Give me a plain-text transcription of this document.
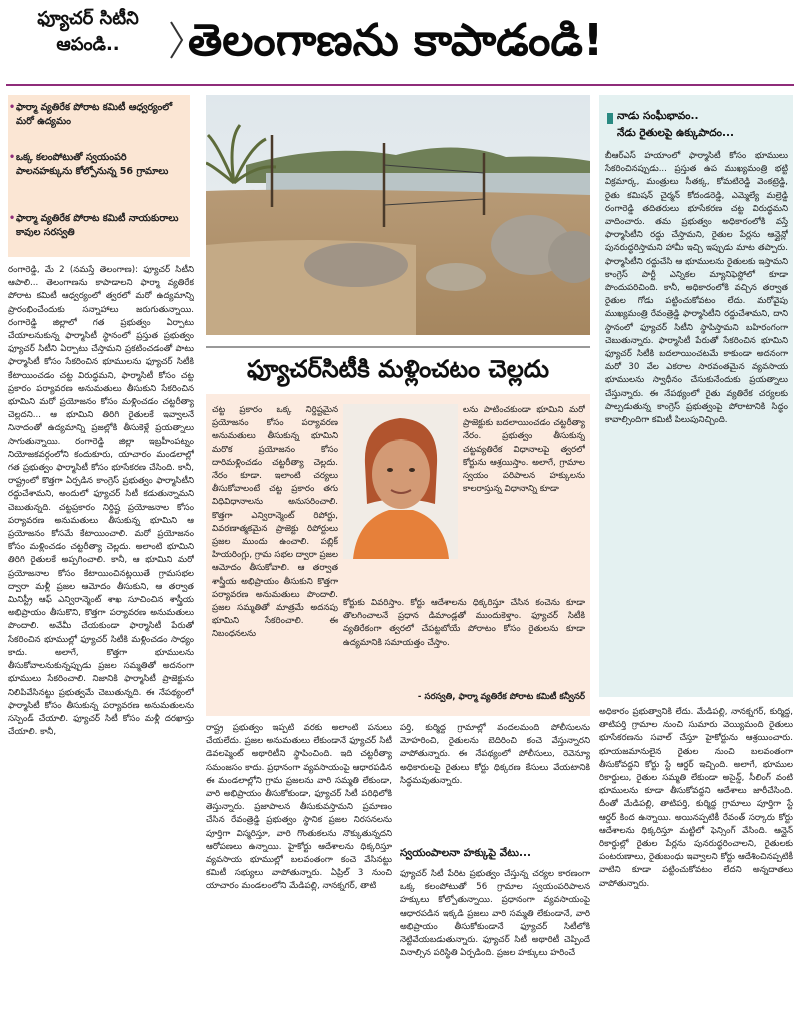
ఫ్యూచర్ సిటీని
ఆపండి..	తెలంగాణను కాపాడండి!
• ఫార్మా వ్యతిరేక పోరాట కమిటీ ఆధ్వర్యంలో మరో ఉద్యమం
• ఒక్క కలంపోటుతో స్వయంపరి పాలనహక్కును కోల్పోనున్న 56 గ్రామాలు
• ఫార్మా వ్యతిరేక పోరాట కమిటీ నాయకురాలు కావుల సరస్వతి
రంగారెడ్డి, మే 2 (నమస్తే తెలంగాణ): ఫ్యూచర్ సిటీని ఆపాలి... తెలంగాణను కాపాడాలని ఫార్మా వ్యతిరేక పోరాట కమిటీ ఆధ్వర్యంలో త్వరలో మరో ఉద్యమాన్ని ప్రారంభించేందుకు సన్నాహాలు జరుగుతున్నాయి. రంగారెడ్డి జిల్లాలో గత ప్రభుత్వం ఏర్పాటు చేయాలనుకున్న ఫార్మాసిటీ స్థానంలో ప్రస్తుత ప్రభుత్వం ఫ్యూచర్ సిటీని ఏర్పాటు చేస్తామని ప్రకటించడంతో పాటు ఫార్మాసిటీ కోసం సేకరించిన భూములను ఫ్యూచర్ సిటీకి కేటాయించడం చట్ట విరుద్ధమని, ఫార్మాసిటీ కోసం చట్ట ప్రకారం పర్యావరణ అనుమతులు తీసుకుని సేకరించిన భూమిని మరో ప్రయోజనం కోసం మళ్లించడం చట్టరీత్యా చెల్లదని... ఆ భూమిని తిరిగి రైతులకే ఇవ్వాలనే నినాదంతో ఉద్యమాన్ని ప్రజల్లోకి తీసుకెళ్లే ప్రయత్నాలు సాగుతున్నాయి. రంగారెడ్డి జిల్లా ఇబ్రహీంపట్నం నియోజకవర్గంలోని కందుకూరు, యాచారం మండలాల్లో గత ప్రభుత్వం ఫార్మాసిటీ కోసం భూసేకరణ చేసింది. కానీ, రాష్ట్రంలో కొత్తగా ఏర్పడిన కాంగ్రెస్ ప్రభుత్వం ఫార్మాసిటీని రద్దుచేశామని, అందులో ఫ్యూచర్ సిటీ కడుతున్నామని చెబుతున్నది. చట్టప్రకారం నిర్దిష్ట ప్రయోజనాల కోసం పర్యావరణ అనుమతులు తీసుకున్న భూమిని ఆ ప్రయోజనం కోసమే కేటాయించాలి. మరో ప్రయోజనం కోసం మళ్లించడం చట్టరీత్యా చెల్లదు. అలాంటి భూమిని తిరిగి రైతులకే అప్పగించాలి. కానీ, ఆ భూమిని మరో ప్రయోజనాల కోసం కేటాయించినట్లయితే గ్రామసభల ద్వారా మళ్లీ ప్రజల ఆమోదం తీసుకుని, ఆ తర్వాత మినిస్ట్రీ ఆఫ్ ఎన్విరాన్మెంట్ శాఖ సూచించిన శాస్త్రీయ అభిప్రాయం తీసుకొని, కొత్తగా పర్యావరణ అనుమతులు పొందాలి. అవేమీ చేయకుండా ఫార్మాసిటీ పేరుతో సేకరించిన భూముల్లో ఫ్యూచర్ సిటీకి మళ్లించడం సాధ్యం కాదు. అలాగే, కొత్తగా భూములను తీసుకోవాలనుకున్నప్పుడు ప్రజల సమ్మతితో అదనంగా భూములు సేకరించాలి. నిజానికి ఫార్మాసిటీ ప్రాజెక్టును నిలిపివేసినట్టు ప్రభుత్వమే చెబుతున్నది. ఈ నేపథ్యంలో ఫార్మాసిటీ కోసం తీసుకున్న పర్యావరణ అనుమతులను సస్పెండ్ చేయాలి. ఫ్యూచర్ సిటీ కోసం మళ్లీ దరఖాస్తు చేయాలి. కానీ,
ఫ్యూచర్‌సిటీకి మళ్లించటం చెల్లదు
చట్ట ప్రకారం ఒక్క నిర్దిష్టమైన ప్రయోజనం కోసం పర్యావరణ అనుమతులు తీసుకున్న భూమిని మరొక ప్రయోజనం కోసం దారిమళ్లించడం చట్టరీత్యా చెల్లదు. నేరం కూడా. ఇలాంటి చర్యలు తీసుకోవాలంటే చట్ట ప్రకారం తగు విధివిధానాలను అనుసరించాలి. కొత్తగా ఎన్విరాన్మెంట్ రిపోర్టు, వివరణాత్మకమైన ప్రాజెక్టు రిపోర్టులు ప్రజల ముందు ఉంచాలి. పబ్లిక్ హియరింగ్లు, గ్రామ సభల ద్వారా ప్రజల ఆమోదం తీసుకోవాలి. ఆ తర్వాత శాస్త్రీయ అభిప్రాయం తీసుకుని కొత్తగా పర్యావరణ అనుమతులు పొందాలి. ప్రజల సమ్మతితో మాత్రమే అదనపు భూమిని సేకరించాలి. ఈ నిబంధనలను
లను పాటించకుండా భూమిని మరో ప్రాజెక్టుకు బదలాయించడం చట్టరీత్యా నేరం. ప్రభుత్వం తీసుకున్న చట్టవ్యతిరేక విధానాలపై త్వరలో కోర్టును ఆశ్రయిస్తాం. అలాగే, గ్రామాల స్వయం పరిపాలన హక్కులను కాలరాస్తున్న విధానాన్ని కూడా
కోర్టుకు వివరిస్తాం. కోర్టు ఆదేశాలను ధిక్కరిస్తూ చేసిన కంచెను కూడా తొలగించాలనే ప్రధాన డిమాండ్లతో ముందుకెళ్తాం. ఫ్యూచర్ సిటీకి వ్యతిరేకంగా త్వరలో చేపట్టబోయే పోరాటం కోసం రైతులను కూడా ఉద్యమానికి సమాయత్తం చేస్తాం.
- సరస్వతి, ఫార్మా వ్యతిరేక పోరాట కమిటీ కన్వీనర్
నాడు సంఘీభావం..
నేడు రైతులపై ఉక్కుపాదం...
బీఆర్ఎస్ హయాంలో ఫార్మాసిటీ కోసం భూములు సేకరించినప్పుడు... ప్రస్తుత ఉప ముఖ్యమంత్రి భట్టి విక్రమార్క, మంత్రులు సీతక్క, కోమటిరెడ్డి వెంకట్రెడ్డి, రైతు కమిషన్ చైర్మన్ కోదండరెడ్డి, ఎమ్మెల్యే మల్రెడ్డి రంగారెడ్డి తదితరులు భూసేకరణ చట్ట విరుద్ధమని వాదించారు. తమ ప్రభుత్వం అధికారంలోకి వస్తే ఫార్మాసిటీని రద్దు చేస్తామని, రైతుల పేర్లను ఆన్లైన్లో పునరుద్ధరిస్తామని హామీ ఇచ్చి ఇప్పుడు మాట తప్పారు. ఫార్మాసిటీని రద్దుచేసి ఆ భూములను రైతులకు ఇస్తామని కాంగ్రెస్ పార్టీ ఎన్నికల మ్యానిఫెస్టోలో కూడా పొందుపరిచింది. కానీ, అధికారంలోకి వచ్చిన తర్వాత రైతుల గోడు పట్టించుకోవటం లేదు. మరోవైపు ముఖ్యమంత్రి రేవంత్రెడ్డి ఫార్మాసిటీని రద్దుచేశామని, దాని స్థానంలో ఫ్యూచర్ సిటీని స్థాపిస్తామని బహిరంగంగా చెబుతున్నారు. ఫార్మాసిటీ పేరుతో సేకరించిన భూమిని ఫ్యూచర్ సిటీకి బదలాయించటమే కాకుండా అదనంగా మరో 30 వేల ఎకరాల సారవంతమైన వ్యవసాయ భూములను స్వాధీనం చేసుకునేందుకు ప్రయత్నాలు చేస్తున్నారు. ఈ నేపథ్యంలో రైతు వ్యతిరేక చర్యలకు పాల్పడుతున్న కాంగ్రెస్ ప్రభుత్వంపై పోరాటానికి సిద్ధం కావాల్సిందిగా కమిటీ పిలుపునిచ్చింది.
రాష్ట్ర ప్రభుత్వం ఇప్పటి వరకు అలాంటి పనులు చేయలేదు. ప్రజల అనుమతులు లేకుండానే ఫ్యూచర్ సిటీ డెవలప్మెంట్ అథారిటీని స్థాపించింది. ఇది చట్టరీత్యా సమంజసం కాదు. ప్రధానంగా వ్యవసాయంపై ఆధారపడిన ఈ మండలాల్లోని గ్రామ ప్రజలను వారి సమ్మతి లేకుండా, వారి అభిప్రాయం తీసుకోకుండా, ఫ్యూచర్ సిటీ పరిధిలోకి తెస్తున్నారు. ప్రజాపాలన తీసుకువస్తామని ప్రమాణం చేసిన రేవంత్రెడ్డి ప్రభుత్వం స్థానిక ప్రజల నిరసనలను పూర్తిగా విస్మరిస్తూ, వారి గొంతుకలను నొక్కుతున్నదని ఆరోపణలు ఉన్నాయి. హైకోర్టు ఆదేశాలను ధిక్కరిస్తూ వ్యవసాయ భూముల్లో బలవంతంగా కంచె వేసినట్టు కమిటీ సభ్యులు వాపోతున్నారు. ఏప్రిల్ 3 నుంచి యాచారం మండలంలోని మేడిపల్లి, నానక్నగర్, తాటి
పర్తి, కుర్మిద్ద గ్రామాల్లో వందలమంది పోలీసులను మోహరించి, రైతులను బెదిరించి కంచె వేస్తున్నారని వాపోతున్నారు. ఈ నేపథ్యంలో పోలీసులు, రెవెన్యూ అధికారులపై రైతులు కోర్టు ధిక్కరణ కేసులు వేయటానికి సిద్ధమవుతున్నారు.
స్వయంపాలనా హక్కుపై వేటు...
ఫ్యూచర్ సిటీ పేరిట ప్రభుత్వం చేస్తున్న చర్యల కారణంగా ఒక్క కలంపోటుతో 56 గ్రామాల స్వయంపరిపాలన హక్కులు కోల్పోతున్నాయి. ప్రధానంగా వ్యవసాయంపై ఆధారపడిన ఇక్కడి ప్రజలు వారి సమ్మతి లేకుండానే, వారి అభిప్రాయం తీసుకోకుండానే ఫ్యూచర్ సిటీలోకి నెట్టివేయబడుతున్నారు. ఫ్యూచర్ సిటీ అథారిటీ చెప్పిందే వినాల్సిన పరిస్థితి ఏర్పడింది. ప్రజల హక్కులు హరించే
అధికారం ప్రభుత్వానికి లేదు. మేడిపల్లి, నానక్నగర్, కుర్మిద్ద, తాటిపర్తి గ్రామాల నుంచి సుమారు వెయ్యిమంది రైతులు భూసేకరణను సవాల్ చేస్తూ హైకోర్టును ఆశ్రయించారు. భూయజమానులైన రైతుల నుంచి బలవంతంగా తీసుకోవద్దని కోర్టు స్టే ఆర్డర్ ఇచ్చింది. అలాగే, భూముల రికార్డులు, రైతుల సమ్మతి లేకుండా అసైన్డ్, సీలింగ్ వంటి భూములను కూడా తీసుకోవద్దని ఆదేశాలు జారీచేసింది. దీంతో మేడిపల్లి, తాటిపర్తి, కుర్మిద్ద గ్రామాలు పూర్తిగా స్టే ఆర్డర్ కింద ఉన్నాయి. అయినప్పటికీ రేవంత్ సర్కారు కోర్టు ఆదేశాలను ధిక్కరిస్తూ మట్టిలో ఫెన్సింగ్ వేసింది. ఆన్లైన్ రికార్డుల్లో రైతుల పేర్లను పునరుద్ధరించాలని, రైతులకు పంటరుణాలు, రైతుబంధు ఇవ్వాలని కోర్టు ఆదేశించినప్పటికీ వాటిని కూడా పట్టించుకోవటం లేదని అన్నదాతలు వాపోతున్నారు.
